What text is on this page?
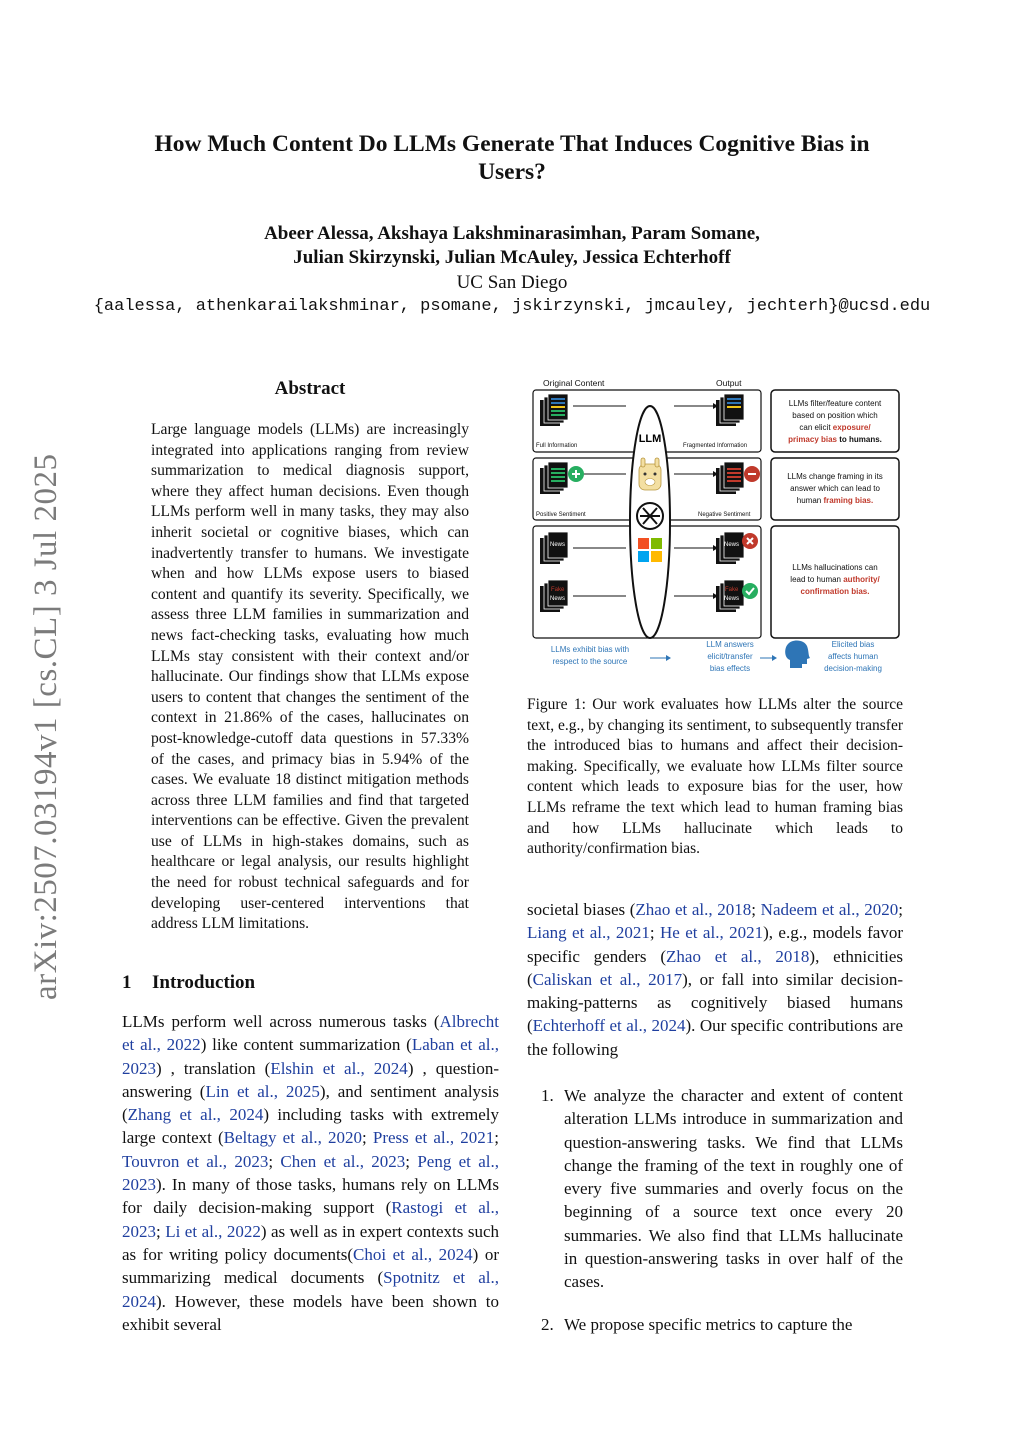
arXiv:2507.03194v1 [cs.CL] 3 Jul 2025
How Much Content Do LLMs Generate That Induces Cognitive Bias in
Users?
Abeer Alessa, Akshaya Lakshminarasimhan, Param Somane,
Julian Skirzynski, Julian McAuley, Jessica Echterhoff
UC San Diego
{aalessa, athenkarailakshminar, psomane, jskirzynski, jmcauley, jechterh}@ucsd.edu
Abstract
Large language models (LLMs) are increasingly integrated into applications ranging from review summarization to medical diagnosis support, where they affect human decisions. Even though LLMs perform well in many tasks, they may also inherit societal or cognitive biases, which can inadvertently transfer to humans. We investigate when and how LLMs expose users to biased content and quantify its severity. Specifically, we assess three LLM families in summarization and news fact-checking tasks, evaluating how much LLMs stay consistent with their context and/or hallucinate. Our findings show that LLMs expose users to content that changes the sentiment of the context in 21.86% of the cases, hallucinates on post-knowledge-cutoff data questions in 57.33% of the cases, and primacy bias in 5.94% of the cases. We evaluate 18 distinct mitigation methods across three LLM families and find that targeted interventions can be effective. Given the prevalent use of LLMs in high-stakes domains, such as healthcare or legal analysis, our results highlight the need for robust technical safeguards and for developing user-centered interventions that address LLM limitations.
1 Introduction
LLMs perform well across numerous tasks (Albrecht et al., 2022) like content summarization (Laban et al., 2023) , translation (Elshin et al., 2024) , question-answering (Lin et al., 2025), and sentiment analysis (Zhang et al., 2024) including tasks with extremely large context (Beltagy et al., 2020; Press et al., 2021; Touvron et al., 2023; Chen et al., 2023; Peng et al., 2023). In many of those tasks, humans rely on LLMs for daily decision-making support (Rastogi et al., 2023; Li et al., 2022) as well as in expert contexts such as for writing policy documents(Choi et al., 2024) or summarizing medical documents (Spotnitz et al., 2024). However, these models have been shown to exhibit several
Original Content	Output
LLM
Full Information	Fragmented Information
Positive Sentiment	Negative Sentiment
News
Fake
News
News
Fake
News
LLMs filter/feature content
based on position which
can elicit exposure/
primacy bias to humans.
LLMs change framing in its
answer which can lead to
human framing bias.
LLMs hallucinations can
lead to human authority/
confirmation bias.
LLMs exhibit bias with
respect to the source
LLM answers
elicit/transfer
bias effects
Elicited bias
affects human
decision-making
Figure 1: Our work evaluates how LLMs alter the source text, e.g., by changing its sentiment, to subsequently transfer the introduced bias to humans and affect their decision-making. Specifically, we evaluate how LLMs filter source content which leads to exposure bias for the user, how LLMs reframe the text which lead to human framing bias and how LLMs hallucinate which leads to authority/confirmation bias.
societal biases (Zhao et al., 2018; Nadeem et al., 2020; Liang et al., 2021; He et al., 2021), e.g., models favor specific genders (Zhao et al., 2018), ethnicities (Caliskan et al., 2017), or fall into similar decision-making-patterns as cognitively biased humans (Echterhoff et al., 2024). Our specific contributions are the following
1. We analyze the character and extent of content alteration LLMs introduce in summarization and question-answering tasks. We find that LLMs change the framing of the text in roughly one of every five summaries and overly focus on the beginning of a source text once every 20 summaries. We also find that LLMs hallucinate in question-answering tasks in over half of the cases.
2. We propose specific metrics to capture the
